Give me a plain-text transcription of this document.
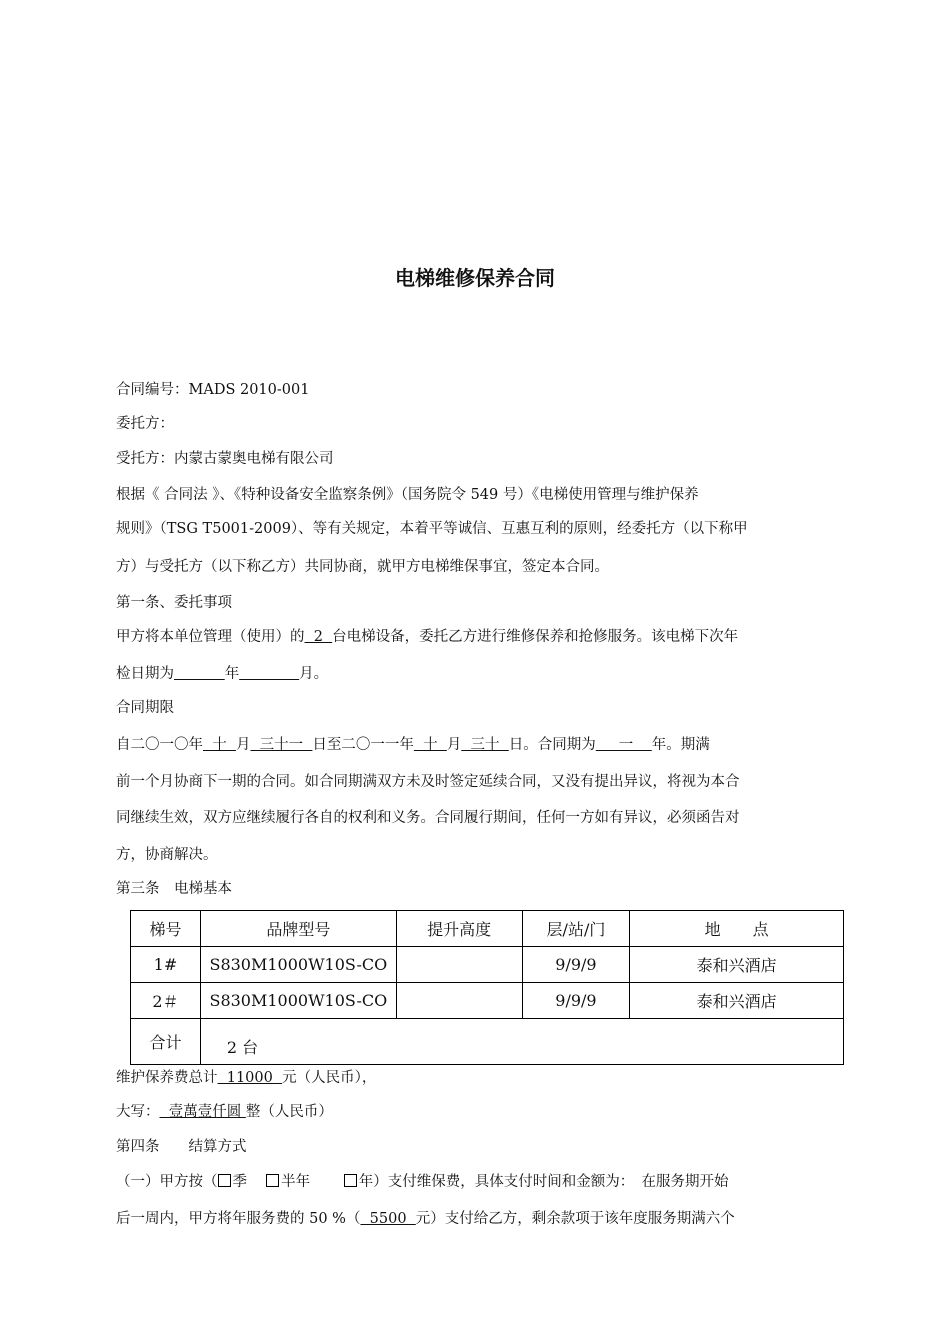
电梯维修保养合同
合同编号：MADS 2010-001
委托方：
受托方：内蒙古蒙奥电梯有限公司
根据《 合同法 》、《特种设备安全监察条例》（国务院令 549 号）《电梯使用管理与维护保养
规则》（TSG T5001-2009）、等有关规定，本着平等诚信、互惠互利的原则，经委托方（以下称甲
方）与受托方（以下称乙方）共同协商，就甲方电梯维保事宜，签定本合同。
第一条、委托事项
甲方将本单位管理（使用）的  2  台电梯设备，委托乙方进行维修保养和抢修服务。该电梯下次年
检日期为	年	月。
合同期限
自二〇一〇年  十  月  三十一  日至二〇一一年  十  月  三十  日。合同期为     一    年。期满
前一个月协商下一期的合同。如合同期满双方未及时签定延续合同，又没有提出异议，将视为本合
同继续生效，双方应继续履行各自的权利和义务。合同履行期间，任何一方如有异议，必须函告对
方，协商解决。
第三条　电梯基本
梯号	品牌型号	提升高度	层/站/门	地　　点
1#	S830M1000W10S-CO		9/9/9	泰和兴酒店
2＃	S830M1000W10S-CO		9/9/9	泰和兴酒店
合计	2 台			
维护保养费总计  11000  元（人民币），
大写：  壹萬壹仟圆 整（人民币）
第四条　　结算方式
（一）甲方按（ 季　 半年　　	年）支付维保费，具体支付时间和金额为：　在服务期开始
后一周内，甲方将年服务费的 50 %（  5500  元）支付给乙方，剩余款项于该年度服务期满六个
